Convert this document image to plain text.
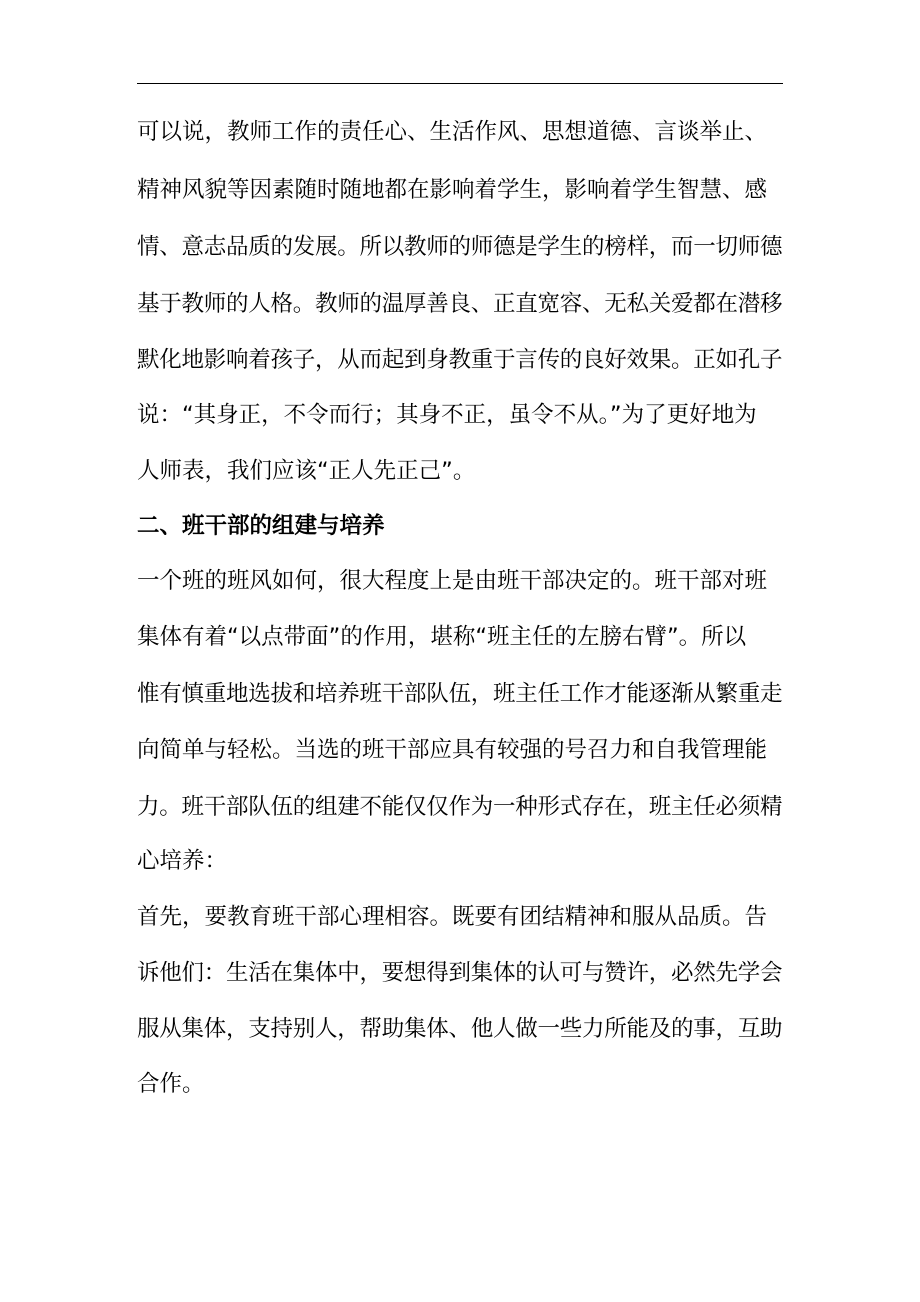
可以说，教师工作的责任心、生活作风、思想道德、言谈举止、
精神风貌等因素随时随地都在影响着学生，影响着学生智慧、感
情、意志品质的发展。所以教师的师德是学生的榜样，而一切师德
基于教师的人格。教师的温厚善良、正直宽容、无私关爱都在潜移
默化地影响着孩子，从而起到身教重于言传的良好效果。正如孔子
说：“其身正，不令而行；其身不正，虽令不从。”为了更好地为
人师表，我们应该“正人先正己”。
二、班干部的组建与培养
一个班的班风如何，很大程度上是由班干部决定的。班干部对班
集体有着“以点带面”的作用，堪称“班主任的左膀右臂”。所以
惟有慎重地选拔和培养班干部队伍，班主任工作才能逐渐从繁重走
向简单与轻松。当选的班干部应具有较强的号召力和自我管理能
力。班干部队伍的组建不能仅仅作为一种形式存在，班主任必须精
心培养：
首先，要教育班干部心理相容。既要有团结精神和服从品质。告
诉他们：生活在集体中，要想得到集体的认可与赞许，必然先学会
服从集体，支持别人，帮助集体、他人做一些力所能及的事，互助
合作。
